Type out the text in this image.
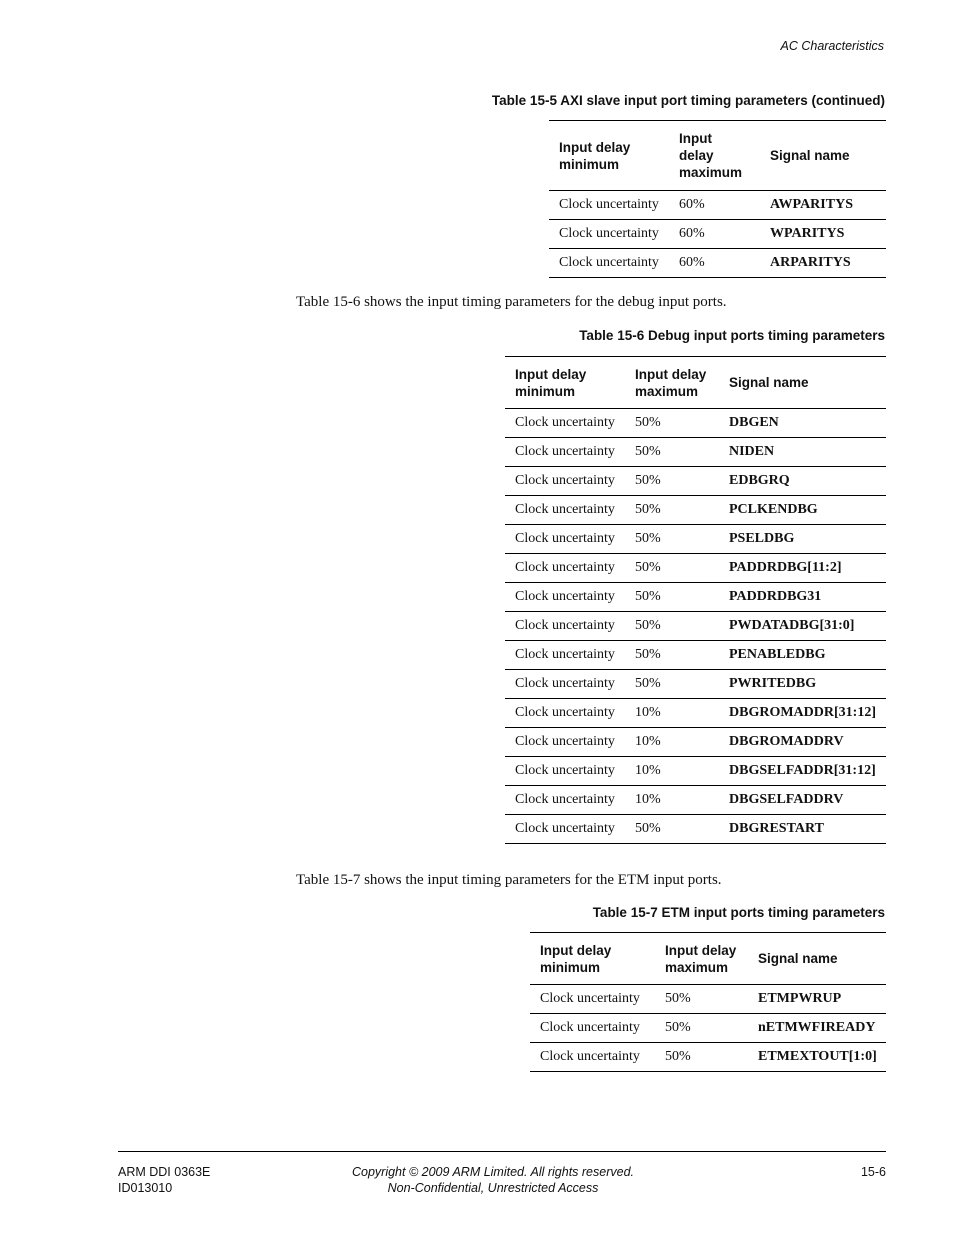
AC Characteristics
Table 15-5 AXI slave input port timing parameters (continued)
Input delay minimum	Input delay maximum	Signal name
Clock uncertainty	60%	AWPARITYS
Clock uncertainty	60%	WPARITYS
Clock uncertainty	60%	ARPARITYS
Table 15-6 shows the input timing parameters for the debug input ports.
Table 15-6 Debug input ports timing parameters
Input delay minimum	Input delay maximum	Signal name
Clock uncertainty	50%	DBGEN
Clock uncertainty	50%	NIDEN
Clock uncertainty	50%	EDBGRQ
Clock uncertainty	50%	PCLKENDBG
Clock uncertainty	50%	PSELDBG
Clock uncertainty	50%	PADDRDBG[11:2]
Clock uncertainty	50%	PADDRDBG31
Clock uncertainty	50%	PWDATADBG[31:0]
Clock uncertainty	50%	PENABLEDBG
Clock uncertainty	50%	PWRITEDBG
Clock uncertainty	10%	DBGROMADDR[31:12]
Clock uncertainty	10%	DBGROMADDRV
Clock uncertainty	10%	DBGSELFADDR[31:12]
Clock uncertainty	10%	DBGSELFADDRV
Clock uncertainty	50%	DBGRESTART
Table 15-7 shows the input timing parameters for the ETM input ports.
Table 15-7 ETM input ports timing parameters
Input delay minimum	Input delay maximum	Signal name
Clock uncertainty	50%	ETMPWRUP
Clock uncertainty	50%	nETMWFIREADY
Clock uncertainty	50%	ETMEXTOUT[1:0]
ARM DDI 0363E
ID013010
Copyright © 2009 ARM Limited. All rights reserved.
Non-Confidential, Unrestricted Access
15-6
